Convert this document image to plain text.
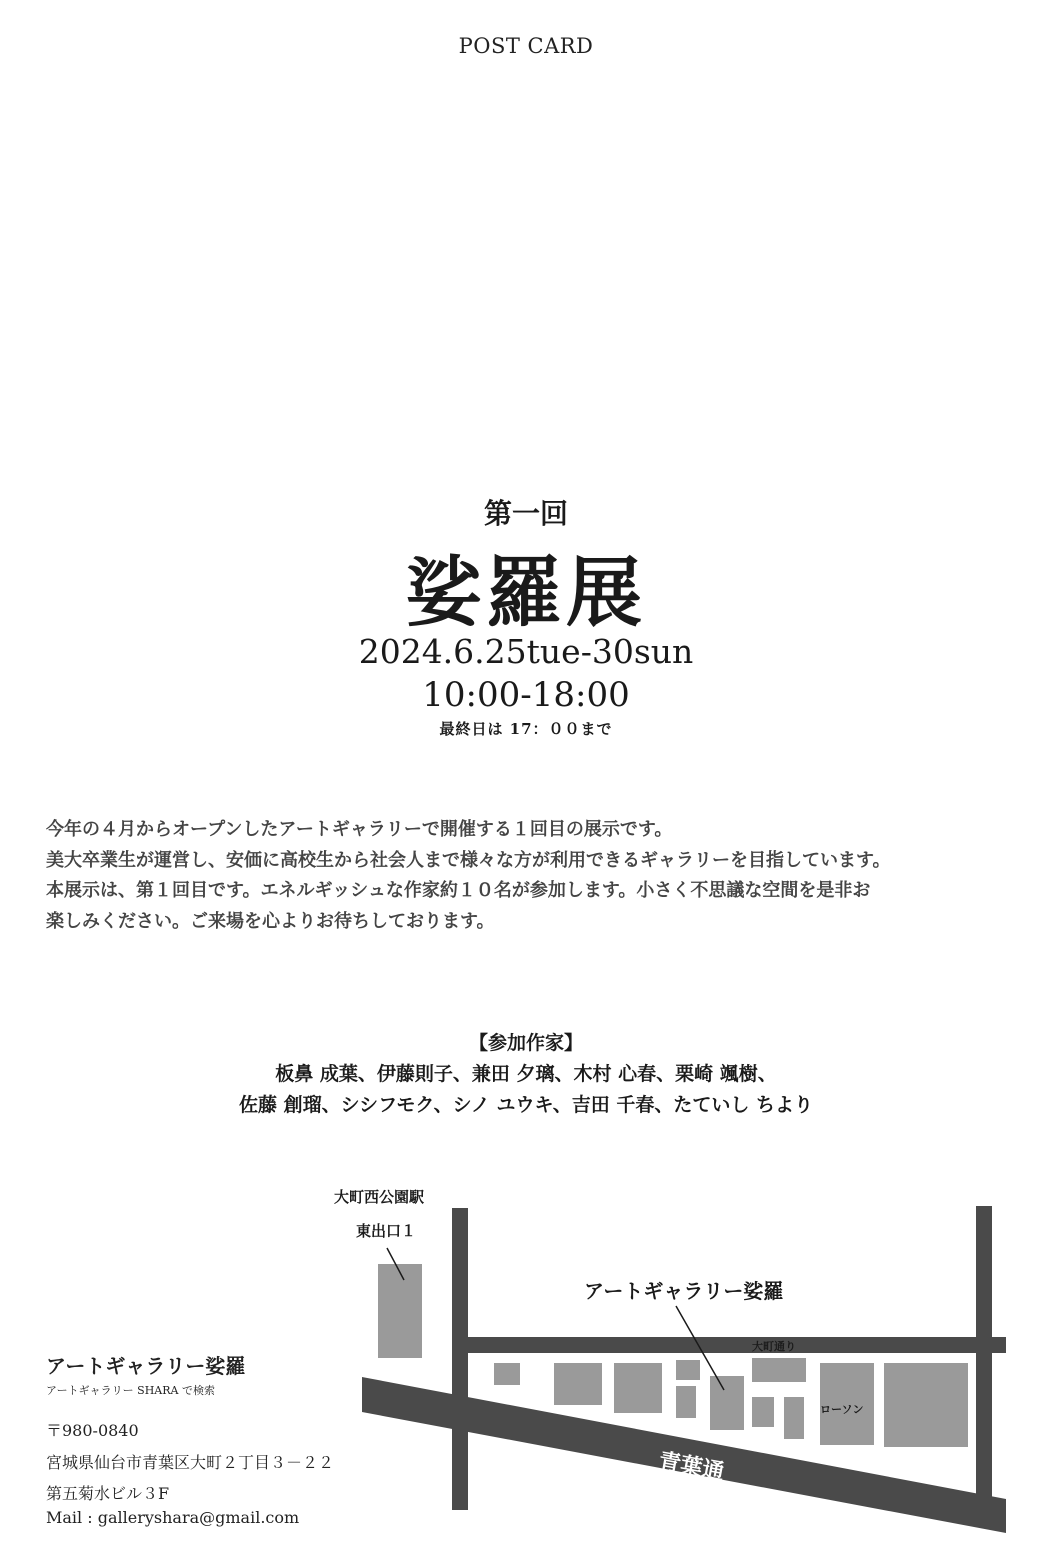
POST CARD
第一回
娑羅展
2024.6.25tue-30sun
10:00-18:00
最終日は 17：００まで

今年の４月からオープンしたアートギャラリーで開催する１回目の展示です。

美大卒業生が運営し、安価に高校生から社会人まで様々な方が利用できるギャラリーを目指しています。

本展示は、第１回目です。エネルギッシュな作家約１０名が参加します。小さく不思議な空間を是非お

楽しみください。ご来場を心よりお待ちしております。

【参加作家】
板鼻 成葉、伊藤則子、兼田 夕璃、木村 心春、栗崎 颯樹、
佐藤 創瑠、シシフモク、シノ ユウキ、吉田 千春、たていし ちより
大町西公園駅
東出口１
アートギャラリー娑羅
大町通り
ローソン
青葉通
アートギャラリー娑羅
アートギャラリー SHARA で検索
〒980-0840
宮城県仙台市青葉区大町２丁目３－２２
第五菊水ビル３F
Mail : galleryshara@gmail.com
